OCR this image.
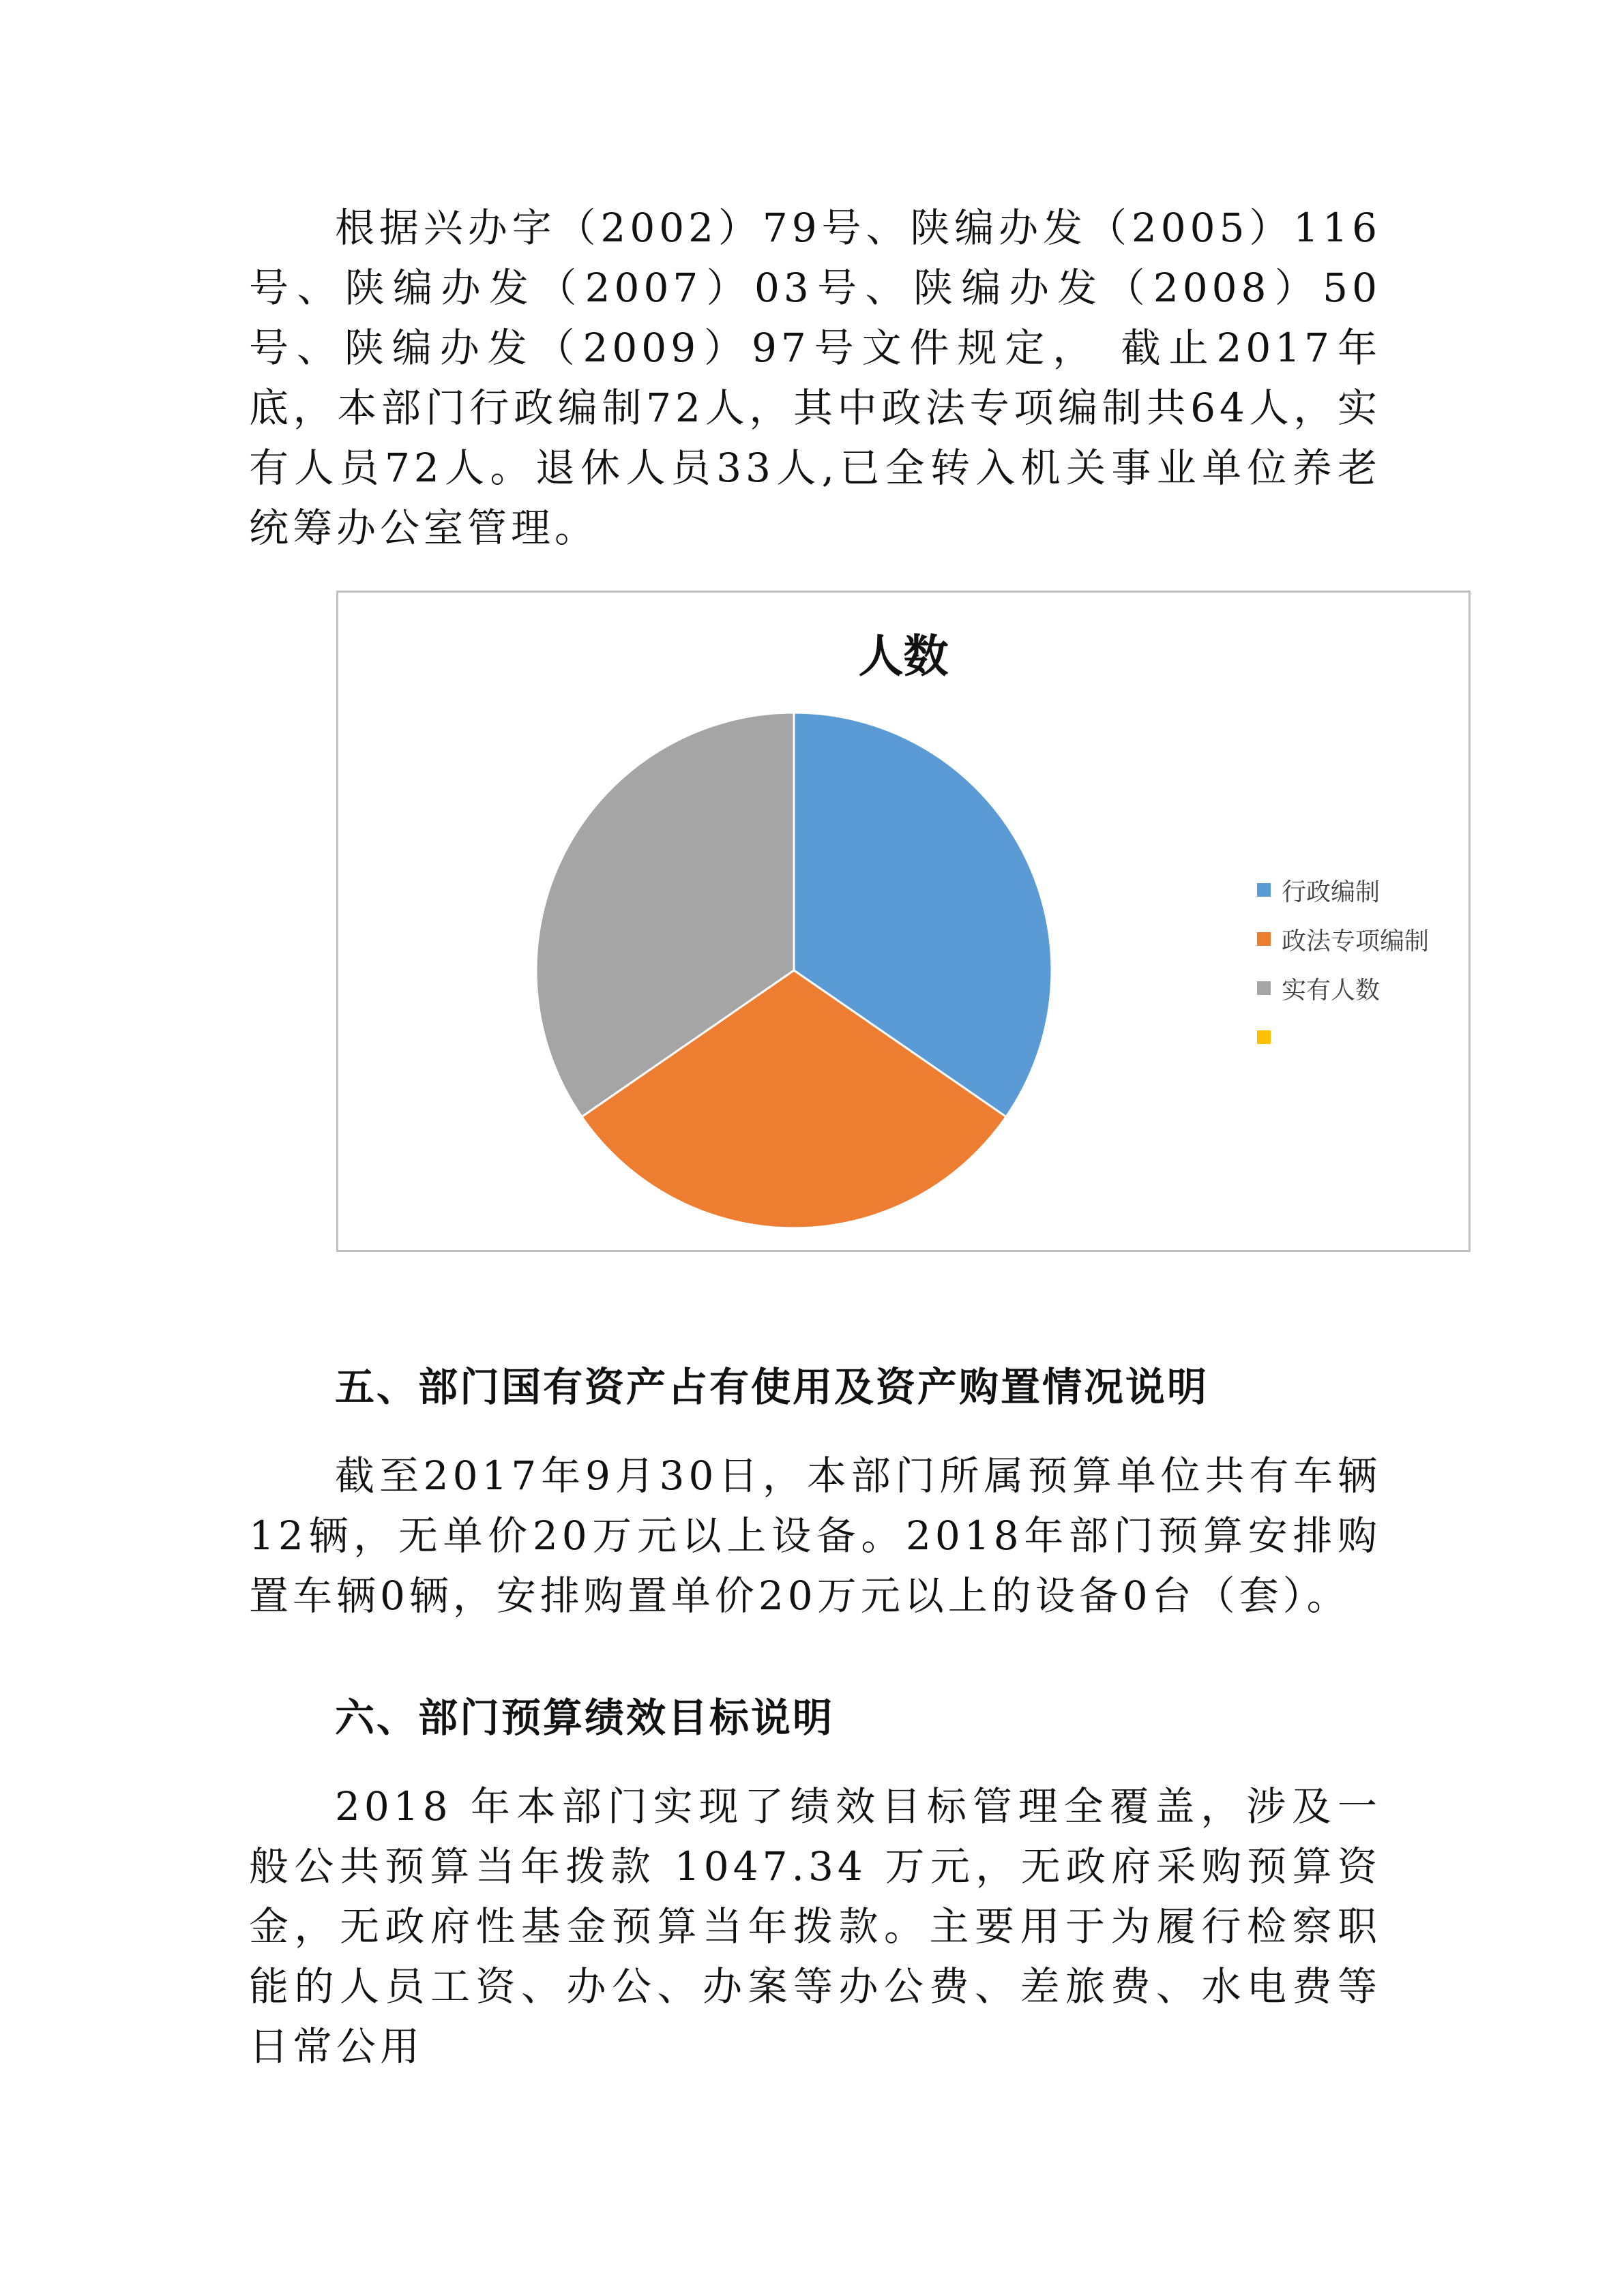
根据兴办字（2002）79号、陕编办发（2005）116号、陕编办发（2007）03号、陕编办发（2008）50号、陕编办发（2009）97号文件规定， 截止2017年底，本部门行政编制72人，其中政法专项编制共64人，实有人员72人。退休人员33人,已全转入机关事业单位养老统筹办公室管理。

人数
行政编制
政法专项编制
实有人数

五、部门国有资产占有使用及资产购置情况说明

截至2017年9月30日，本部门所属预算单位共有车辆12辆，无单价20万元以上设备。2018年部门预算安排购置车辆0辆，安排购置单价20万元以上的设备0台（套）。

六、部门预算绩效目标说明

2018 年本部门实现了绩效目标管理全覆盖，涉及一般公共预算当年拨款 1047.34 万元，无政府采购预算资金，无政府性基金预算当年拨款。主要用于为履行检察职能的人员工资、办公、办案等办公费、差旅费、水电费等日常公用
